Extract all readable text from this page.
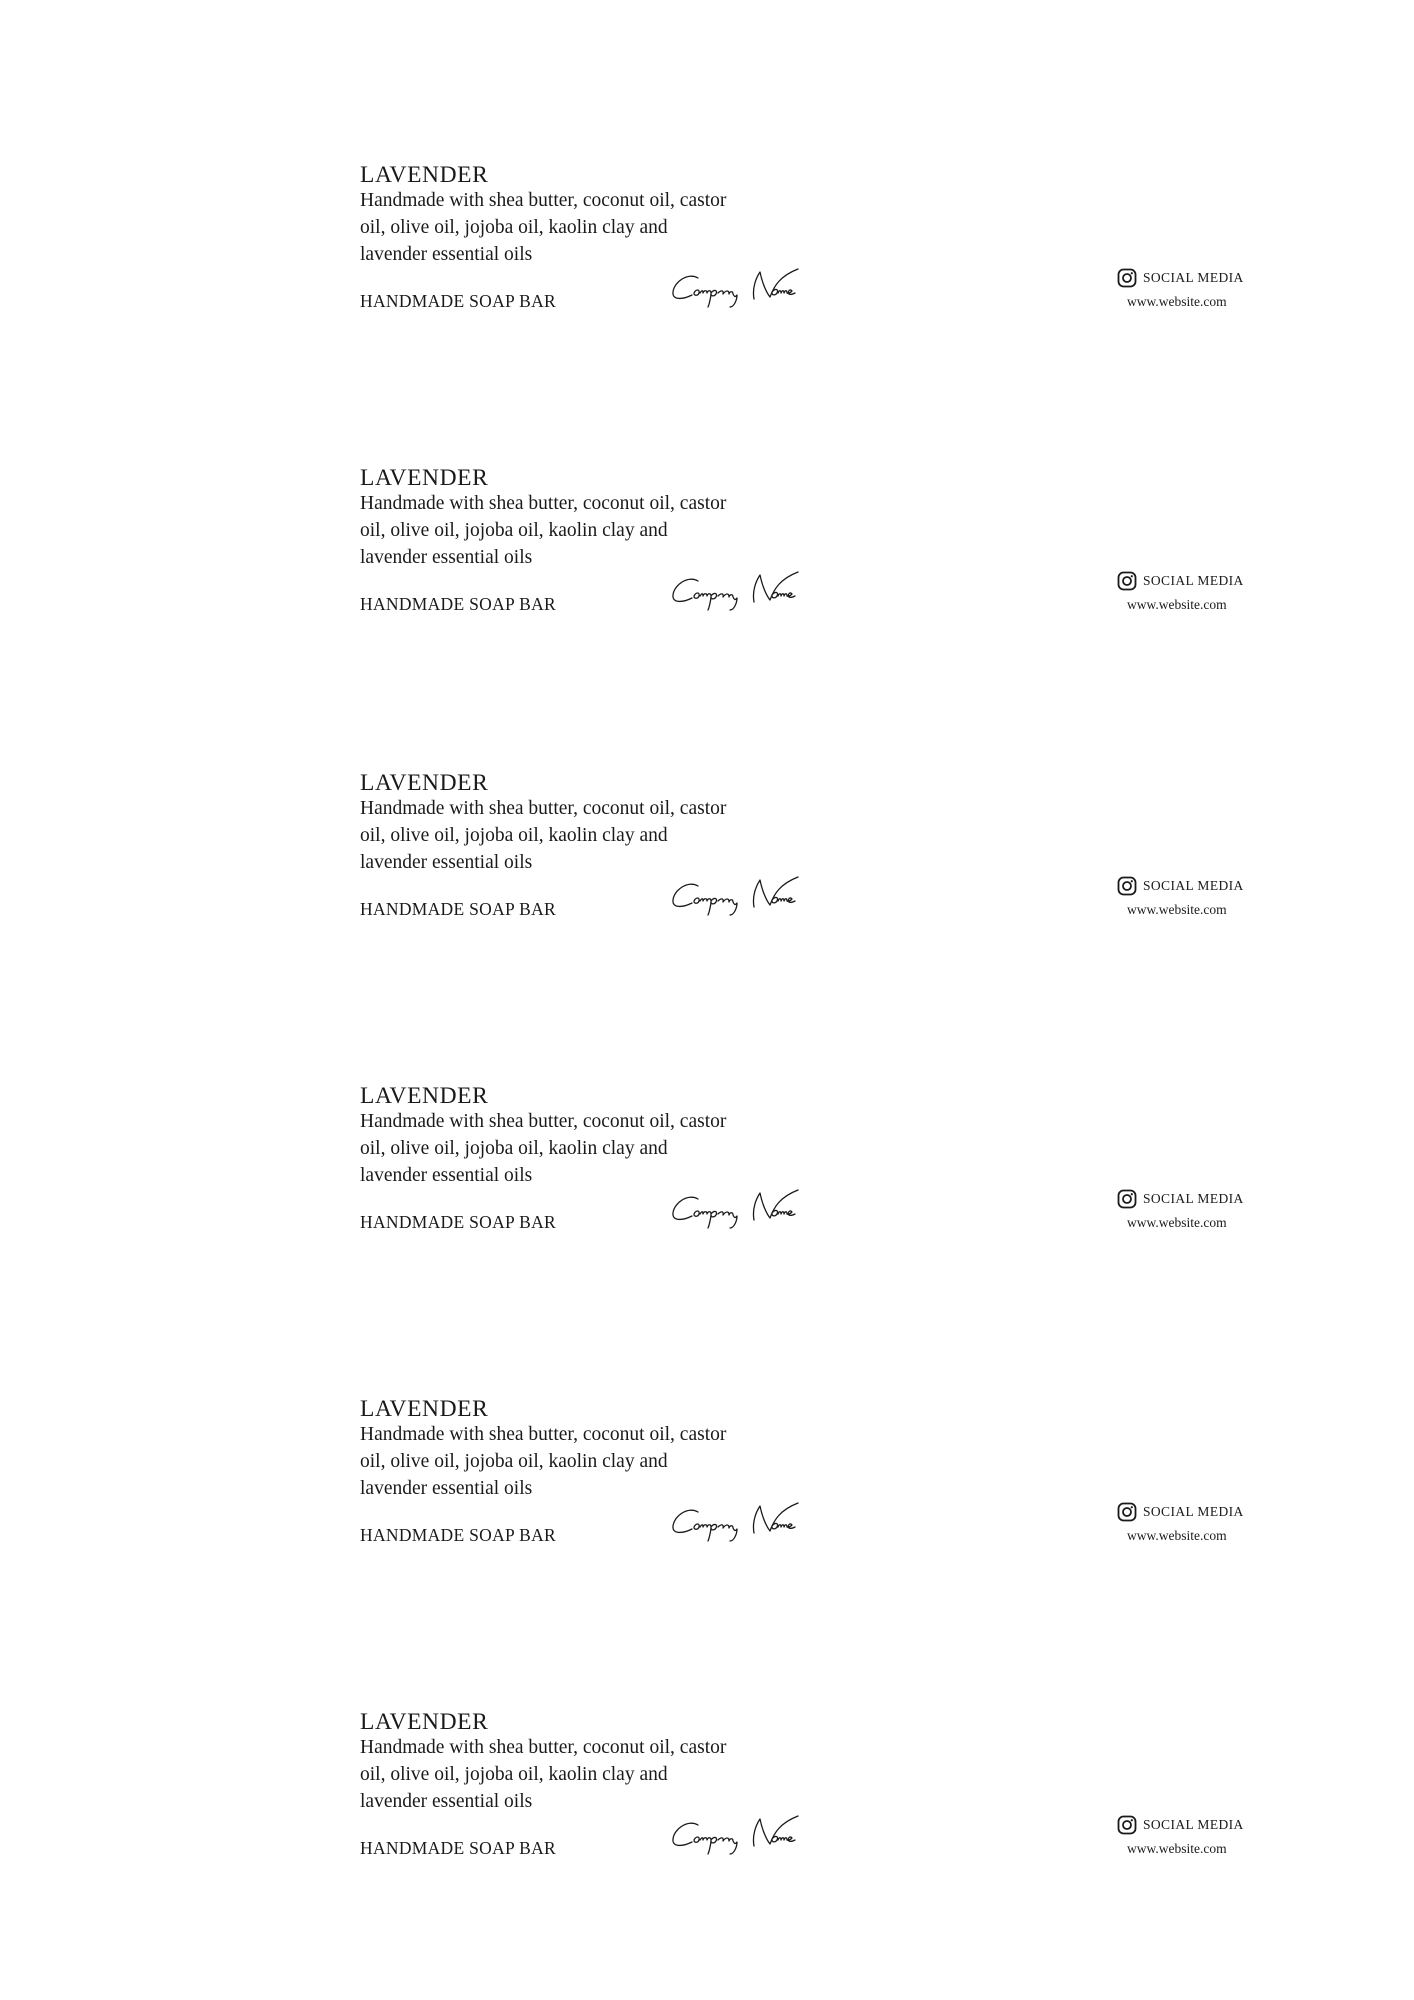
LAVENDER
Handmade with shea butter, coconut oil, castor
oil, olive oil, jojoba oil, kaolin clay and
lavender essential oils
HANDMADE SOAP BAR
SOCIAL MEDIA
www.website.com
LAVENDER
Handmade with shea butter, coconut oil, castor
oil, olive oil, jojoba oil, kaolin clay and
lavender essential oils
HANDMADE SOAP BAR
SOCIAL MEDIA
www.website.com
LAVENDER
Handmade with shea butter, coconut oil, castor
oil, olive oil, jojoba oil, kaolin clay and
lavender essential oils
HANDMADE SOAP BAR
SOCIAL MEDIA
www.website.com
LAVENDER
Handmade with shea butter, coconut oil, castor
oil, olive oil, jojoba oil, kaolin clay and
lavender essential oils
HANDMADE SOAP BAR
SOCIAL MEDIA
www.website.com
LAVENDER
Handmade with shea butter, coconut oil, castor
oil, olive oil, jojoba oil, kaolin clay and
lavender essential oils
HANDMADE SOAP BAR
SOCIAL MEDIA
www.website.com
LAVENDER
Handmade with shea butter, coconut oil, castor
oil, olive oil, jojoba oil, kaolin clay and
lavender essential oils
HANDMADE SOAP BAR
SOCIAL MEDIA
www.website.com
